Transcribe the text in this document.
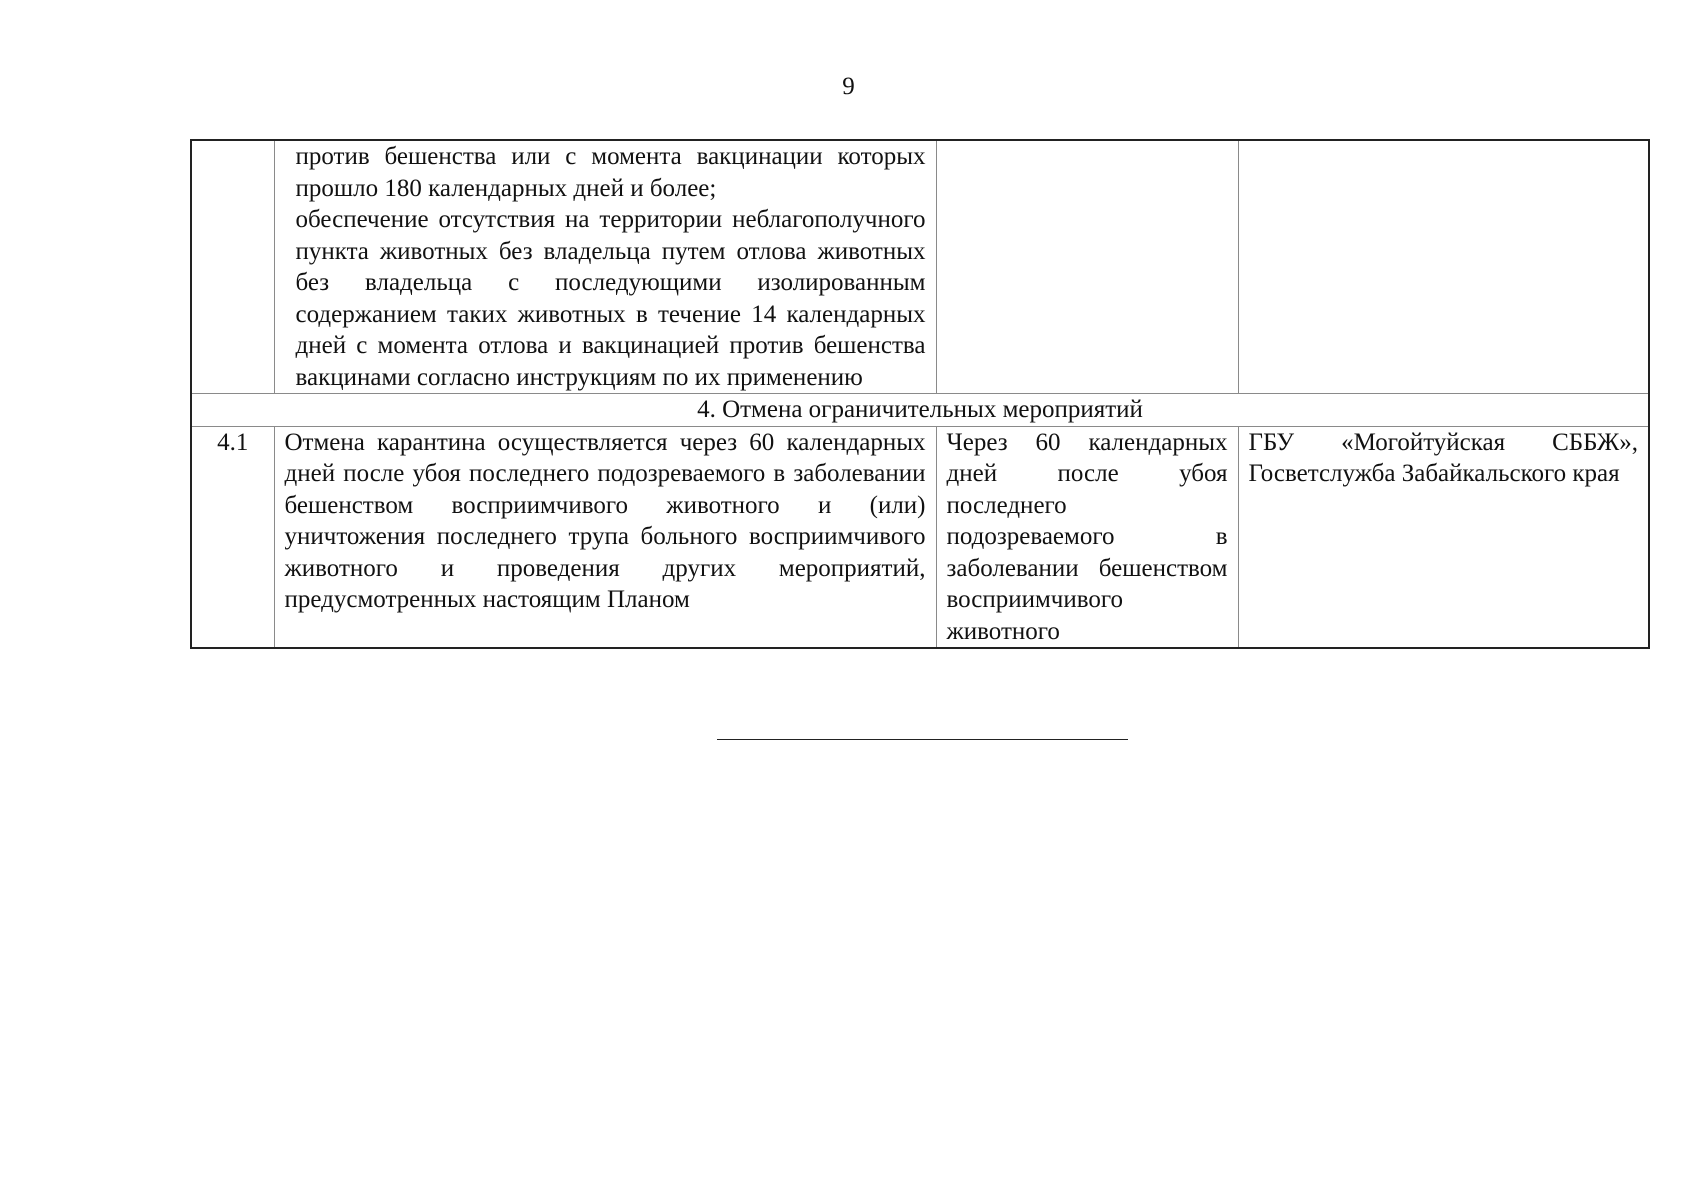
9

	против бешенства или с момента вакцинации которых прошло 180 календарных дней и более;
обеспечение отсутствия на территории неблагополучного пункта животных без владельца путем отлова животных без владельца с последующими изолированным содержанием таких животных в течение 14 календарных дней с момента отлова и вакцинацией против бешенства вакцинами согласно инструкциям по их применению		

4. Отмена ограничительных мероприятий			
4.1	Отмена карантина осуществляется через 60 календарных дней после убоя последнего подозреваемого в заболевании бешенством восприимчивого животного и (или) уничтожения последнего трупа больного восприимчивого животного и проведения других мероприятий, предусмотренных настоящим Планом	Через 60 календарных дней после убоя последнего подозреваемого в заболевании бешенством восприимчивого животного	ГБУ «Могойтуйская СББЖ», Госветслужба Забайкальского края
